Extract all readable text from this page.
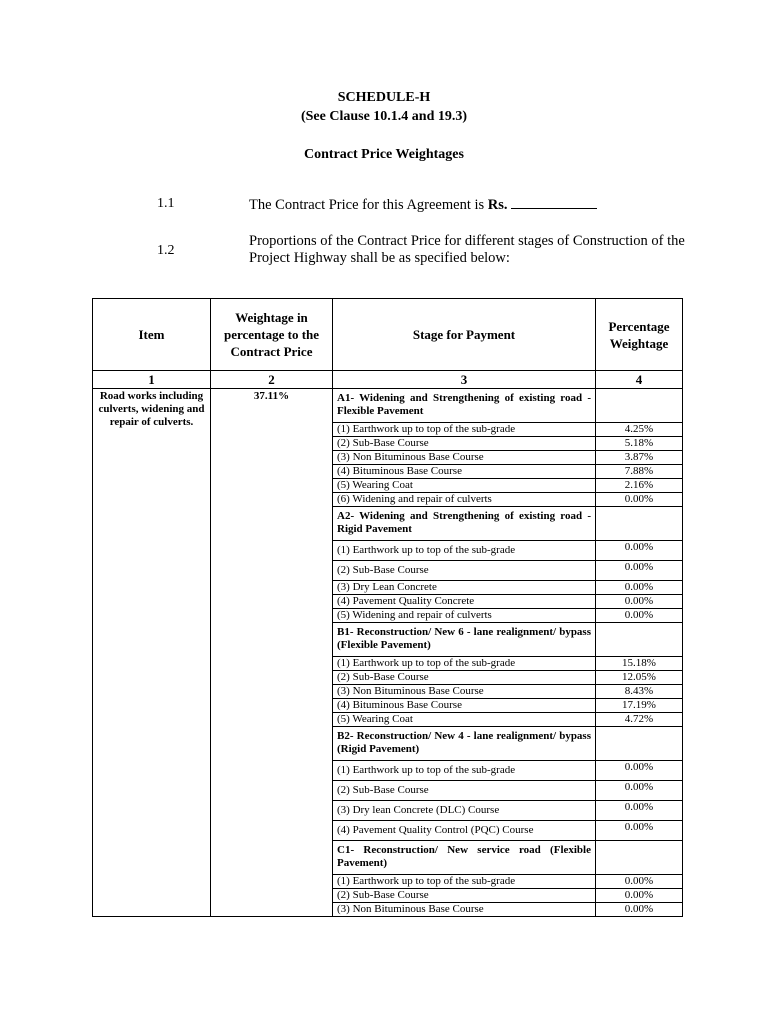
SCHEDULE-H
(See Clause 10.1.4 and 19.3)
Contract Price Weightages
1.1	The Contract Price for this Agreement is Rs.
1.2
Proportions of the Contract Price for different stages of Construction of the Project Highway shall be as specified below:
Item	Weightage in percentage to the Contract Price	Stage for Payment	Percentage Weightage
1	2	3	4
Road works including culverts, widening and repair of culverts.	37.11%	A1- Widening and Strengthening of existing road - Flexible Pavement	
		(1) Earthwork up to top of the sub-grade	4.25%
		(2) Sub-Base Course	5.18%
		(3) Non Bituminous Base Course	3.87%
		(4) Bituminous Base Course	7.88%
		(5) Wearing Coat	2.16%
		(6) Widening and repair of culverts	0.00%
		A2- Widening and Strengthening of existing road - Rigid Pavement	
		(1) Earthwork up to top of the sub-grade	0.00%
		(2) Sub-Base Course	0.00%
		(3) Dry Lean Concrete	0.00%
		(4) Pavement Quality Concrete	0.00%
		(5) Widening and repair of culverts	0.00%
		B1- Reconstruction/ New 6 - lane realignment/ bypass (Flexible Pavement)	
		(1) Earthwork up to top of the sub-grade	15.18%
		(2) Sub-Base Course	12.05%
		(3) Non Bituminous Base Course	8.43%
		(4) Bituminous Base Course	17.19%
		(5) Wearing Coat	4.72%
		B2- Reconstruction/ New 4 - lane realignment/ bypass (Rigid Pavement)	
		(1) Earthwork up to top of the sub-grade	0.00%
		(2) Sub-Base Course	0.00%
		(3) Dry lean Concrete (DLC) Course	0.00%
		(4) Pavement Quality Control (PQC) Course	0.00%
		C1- Reconstruction/ New service road (Flexible Pavement)	
		(1) Earthwork up to top of the sub-grade	0.00%
		(2) Sub-Base Course	0.00%
		(3) Non Bituminous Base Course	0.00%
